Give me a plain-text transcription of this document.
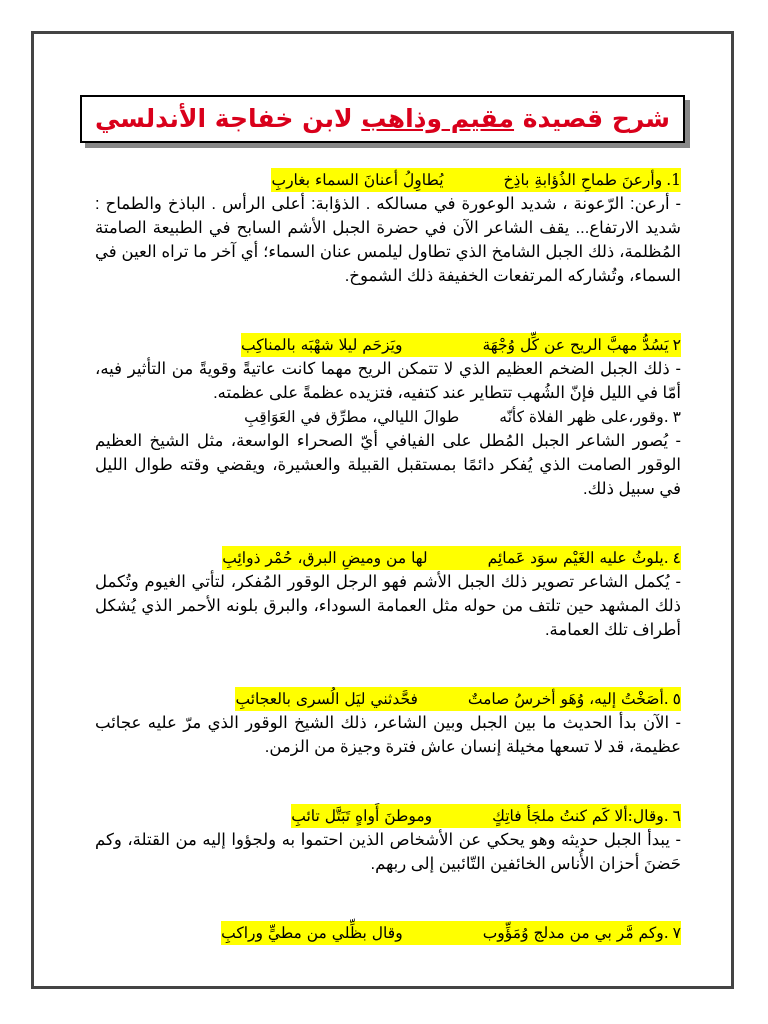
شرح قصيدة مقيم وذاهب لابن خفاجة الأندلسي
1.وأرعنَ طماحِ الذُؤابةِ باذِخيُطاوِلُ أعنانَ السماء بغاربِ

- أرعن: الرّعونة ، شديد الوعورة في مسالكه . الذؤابة: أعلى الرأس . الباذخ والطماح : شديد الارتفاع... يقف الشاعر الآن في حضرة الجبل الأشم السابح في الطبيعة الصامتة المُظلمة، ذلك الجبل الشامخ الذي تطاول ليلمس عنان السماء؛ أي آخر ما تراه العين في السماء، وتُشاركه المرتفعات الخفيفة ذلك الشموخ.

٢يَسُدُّ مهبَّ الريح عن كِّل وُجْهَةويَزحَم ليلا شهْبَه بالمناكِب

- ذلك الجبل الضخم العظيم الذي لا تتمكن الريح مهما كانت عاتيةً وقويةً من التأثير فيه، أمّا في الليل فإنّ الشُهب تتطاير عند كتفيه، فتزيده عظمةً على عظمته.

٣.وقور،على ظهر الفلاة كأنّهطوالَ الليالي، مطرِّق في العَوَاقِبِ

- يُصور الشاعر الجبل المُطل على الفيافي أيّ الصحراء الواسعة، مثل الشيخ العظيم الوقور الصامت الذي يُفكر دائمًا بمستقبل القبيلة والعشيرة، ويقضي وقته طوال الليل في سبيل ذلك.

٤.يلوثُ عليه الغَيْم سوَد عَمائِملها من وميضِ البرق، حُمْر ذوائِبِ

- يُكمل الشاعر تصوير ذلك الجبل الأشم فهو الرجل الوقور المُفكر، لتأتي الغيوم وتُكمل ذلك المشهد حين تلتف من حوله مثل العمامة السوداء، والبرق بلونه الأحمر الذي يُشكل أطراف تلك العمامة.

٥.أصَخْتُ إليه، وُهَو أخرسُ صامتٌفحَّدثني ليَل الُسرى بالعجائبِ

- الآن بدأ الحديث ما بين الجبل وبين الشاعر، ذلك الشيخ الوقور الذي مرّ عليه عجائب عظيمة، قد لا تسعها مخيلة إنسان عاش فترة وجيزة من الزمن.

٦.وقال:ألا كَم كنتُ ملجَأ فاتِكٍوموطنَ أَواهٍ تَبَتَّل تائبِ

- يبدأ الجبل حديثه وهو يحكي عن الأشخاص الذين احتموا به ولجؤوا إليه من القتلة، وكم حَضنَ أحزان الأُناس الخائفين التّائبين إلى ربهم.

٧.وكم مَّر بي من مدلج وُمَؤِّوبوقال بظِّلي من مطيٍّ وراكبِ
